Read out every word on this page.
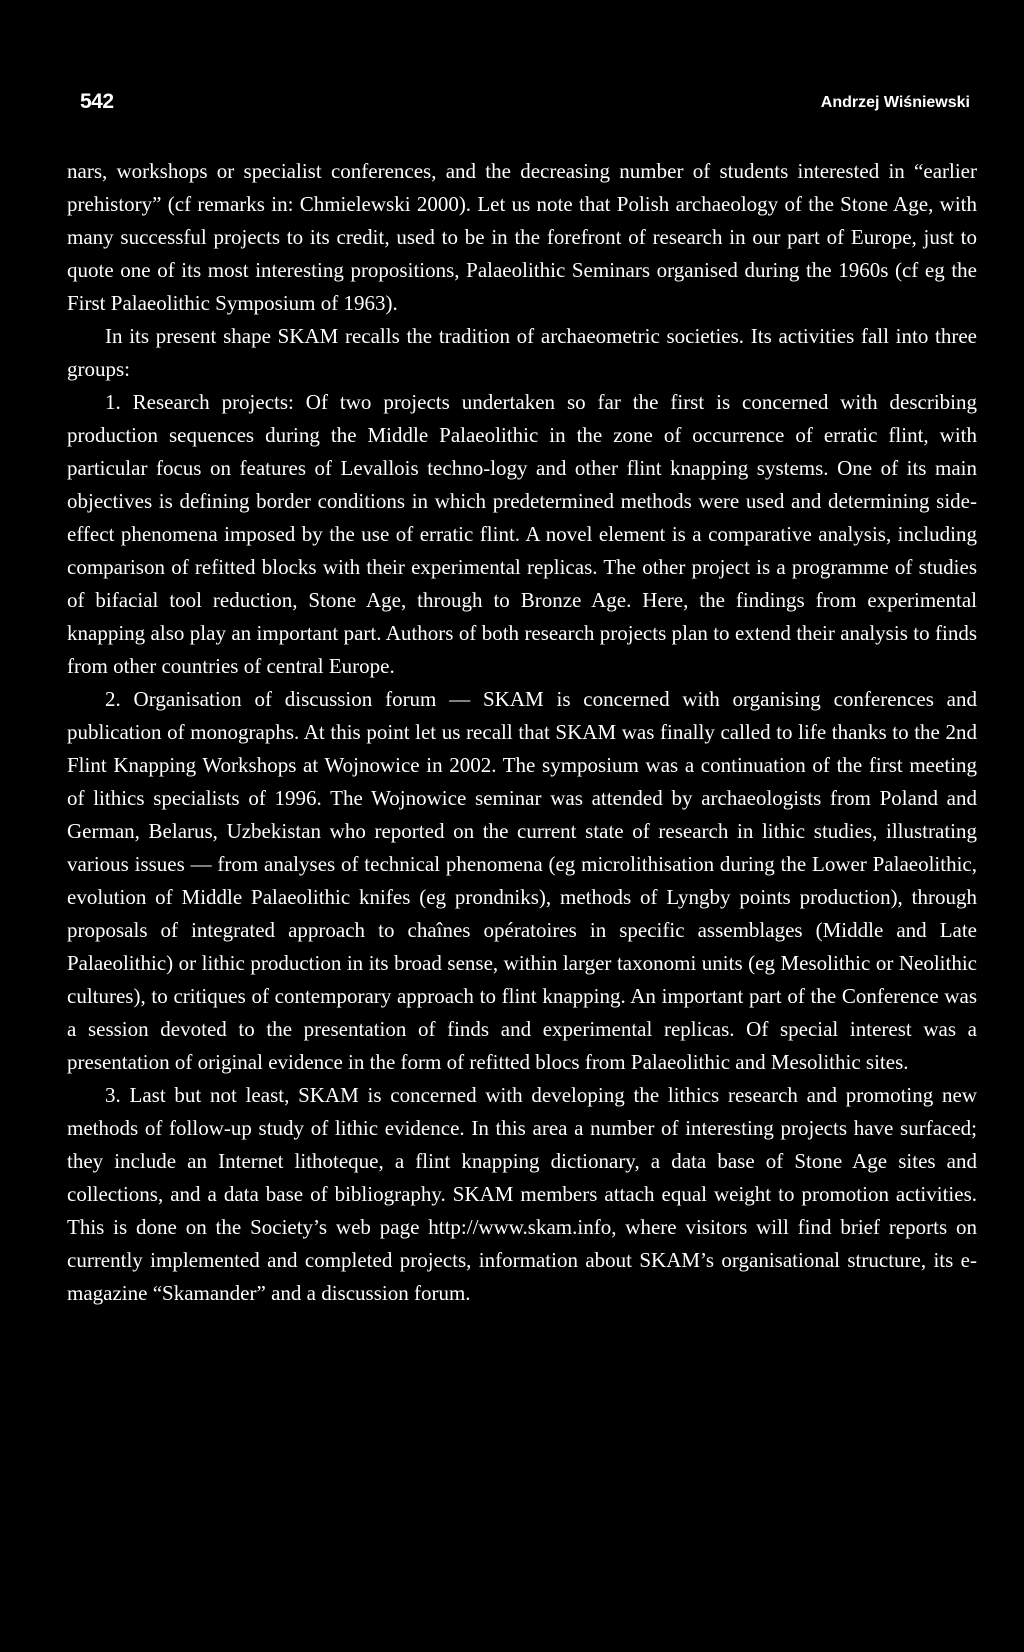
542	Andrzej Wiśniewski

nars, workshops or specialist conferences, and the decreasing number of students interested in “earlier prehistory” (cf remarks in: Chmielewski 2000). Let us note that Polish archaeology of the Stone Age, with many successful projects to its credit, used to be in the forefront of research in our part of Europe, just to quote one of its most interesting propositions, Palaeolithic Seminars organised during the 1960s (cf eg the First Palaeolithic Symposium of 1963).

In its present shape SKAM recalls the tradition of archaeometric societies. Its activities fall into three groups:

1. Research projects: Of two projects undertaken so far the first is concerned with describing production sequences during the Middle Palaeolithic in the zone of occurrence of erratic flint, with particular focus on features of Levallois techno-logy and other flint knapping systems. One of its main objectives is defining border conditions in which predetermined methods were used and determining side-effect phenomena imposed by the use of erratic flint. A novel element is a comparative analysis, including comparison of refitted blocks with their experimental replicas. The other project is a programme of studies of bifacial tool reduction, Stone Age, through to Bronze Age. Here, the findings from experimental knapping also play an important part. Authors of both research projects plan to extend their analysis to finds from other countries of central Europe.

2. Organisation of discussion forum — SKAM is concerned with organising conferences and publication of monographs. At this point let us recall that SKAM was finally called to life thanks to the 2nd Flint Knapping Workshops at Wojnowice in 2002. The symposium was a continuation of the first meeting of lithics specialists of 1996. The Wojnowice seminar was attended by archaeologists from Poland and German, Belarus, Uzbekistan who reported on the current state of research in lithic studies, illustrating various issues — from analyses of technical phenomena (eg microlithisation during the Lower Palaeolithic, evolution of Middle Palaeolithic knifes (eg prondniks), methods of Lyngby points production), through proposals of integrated approach to chaînes opératoires in specific assemblages (Middle and Late Palaeolithic) or lithic production in its broad sense, within larger taxonomi units (eg Mesolithic or Neolithic cultures), to critiques of contemporary approach to flint knapping. An important part of the Conference was a session devoted to the presentation of finds and experimental replicas. Of special interest was a presentation of original evidence in the form of refitted blocs from Palaeolithic and Mesolithic sites.

3. Last but not least, SKAM is concerned with developing the lithics research and promoting new methods of follow-up study of lithic evidence. In this area a number of interesting projects have surfaced; they include an Internet lithoteque, a flint knapping dictionary, a data base of Stone Age sites and collections, and a data base of bibliography. SKAM members attach equal weight to promotion activities. This is done on the Society’s web page http://www.skam.info, where visitors will find brief reports on currently implemented and completed projects, information about SKAM’s organisational structure, its e-magazine “Skamander” and a discussion forum.
